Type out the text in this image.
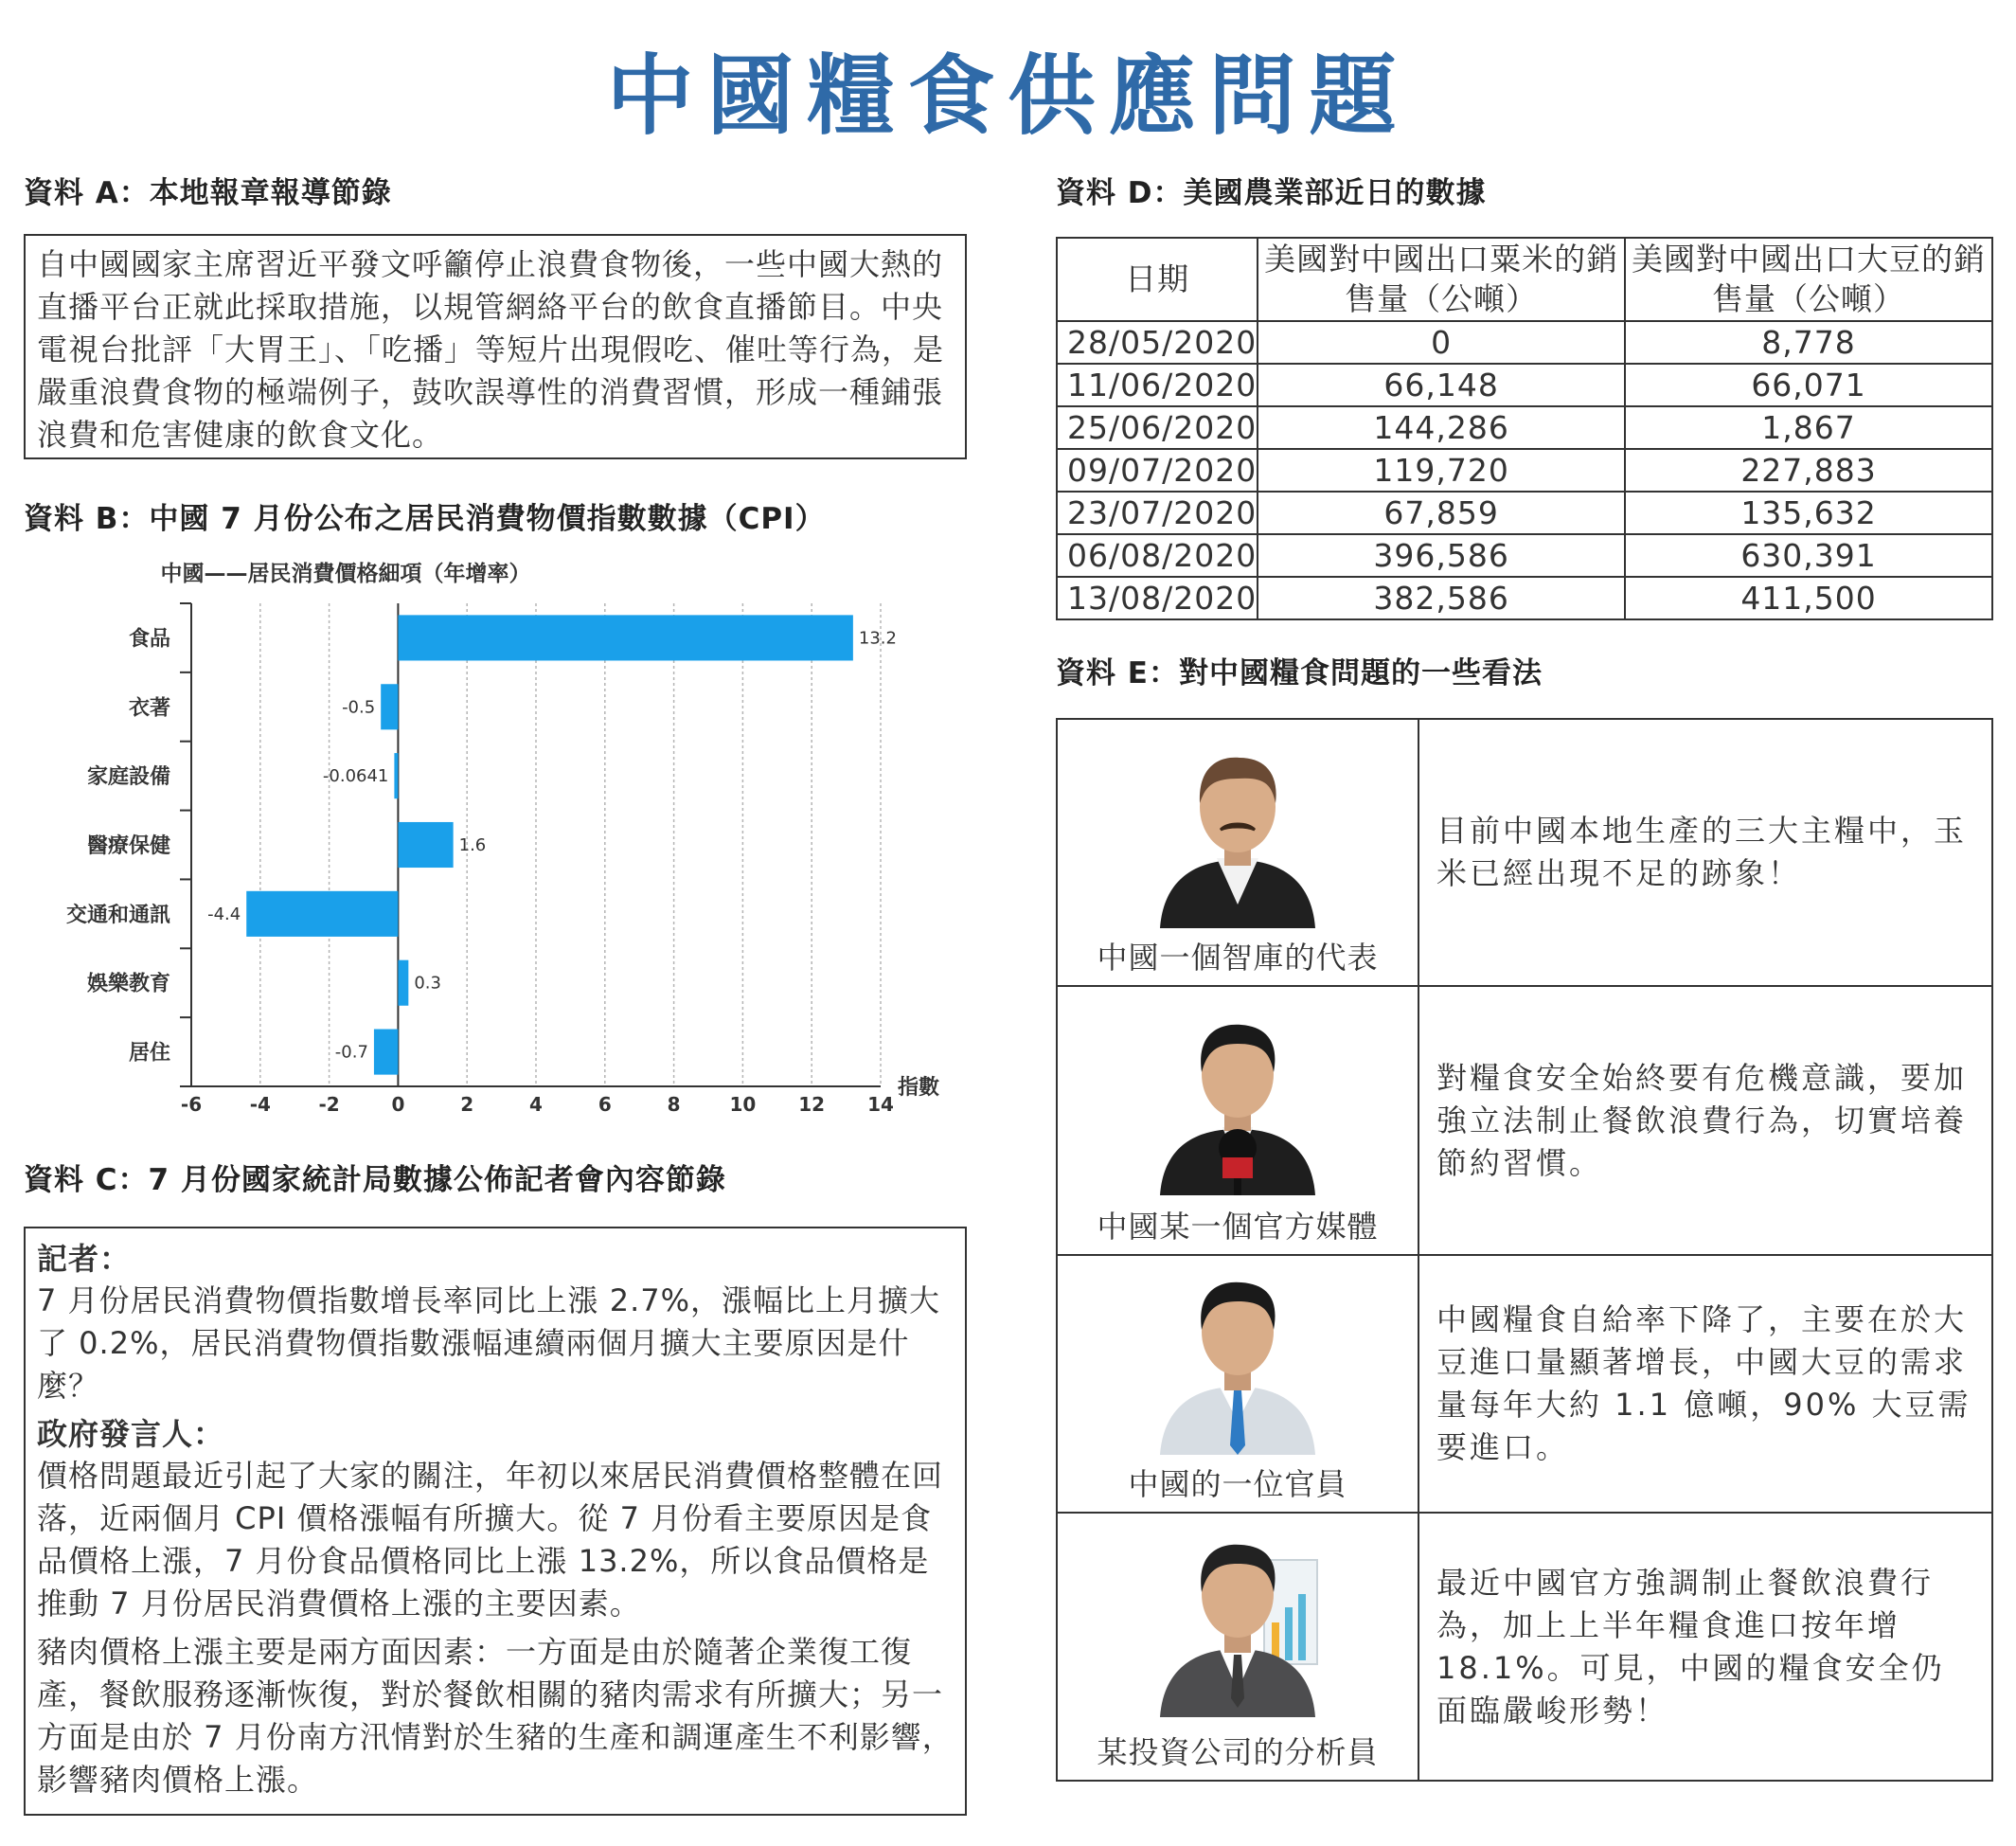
中國糧食供應問題
資料 A：本地報章報導節錄
自中國國家主席習近平發文呼籲停止浪費食物後，一些中國大熱的直播平台正就此採取措施，以規管網絡平台的飲食直播節目。中央電視台批評「大胃王」、「吃播」等短片出現假吃、催吐等行為，是嚴重浪費食物的極端例子，鼓吹誤導性的消費習慣，形成一種鋪張浪費和危害健康的飲食文化。
資料 B：中國 7 月份公布之居民消費物價指數數據（CPI）
中國——居民消費價格細項（年增率）
食品
衣著
家庭設備
醫療保健
交通和通訊
娛樂教育
居住
13.2
-0.5
-0.0641
1.6
-4.4
0.3
-0.7
-6	-4	-2	0	2	4	6	8	10 12 14
指數
資料 C：7 月份國家統計局數據公佈記者會內容節錄
記者：

7 月份居民消費物價指數增長率同比上漲 2.7%，漲幅比上月擴大了 0.2%，居民消費物價指數漲幅連續兩個月擴大主要原因是什麼？

政府發言人：

價格問題最近引起了大家的關注，年初以來居民消費價格整體在回落，近兩個月 CPI 價格漲幅有所擴大。從 7 月份看主要原因是食品價格上漲，7 月份食品價格同比上漲 13.2%，所以食品價格是推動 7 月份居民消費價格上漲的主要因素。

豬肉價格上漲主要是兩方面因素：一方面是由於隨著企業復工復產，餐飲服務逐漸恢復，對於餐飲相關的豬肉需求有所擴大；另一方面是由於 7 月份南方汛情對於生豬的生產和調運產生不利影響，影響豬肉價格上漲。

資料 D：美國農業部近日的數據
日期	美國對中國出口粟米的銷售量（公噸）	美國對中國出口大豆的銷售量（公噸）
28/05/2020	0	8,778
11/06/2020	66,148	66,071
25/06/2020	144,286	1,867
09/07/2020	119,720	227,883
23/07/2020	67,859	135,632
06/08/2020	396,586	630,391
13/08/2020	382,586	411,500
資料 E：對中國糧食問題的一些看法
中國一個智庫的代表
目前中國本地生產的三大主糧中，玉米已經出現不足的跡象！
中國某一個官方媒體
對糧食安全始終要有危機意識，要加強立法制止餐飲浪費行為，切實培養節約習慣。
中國的一位官員
中國糧食自給率下降了，主要在於大豆進口量顯著增長，中國大豆的需求量每年大約 1.1 億噸，90% 大豆需要進口。
某投資公司的分析員
最近中國官方強調制止餐飲浪費行為，加上上半年糧食進口按年增 18.1%。可見，中國的糧食安全仍面臨嚴峻形勢！
